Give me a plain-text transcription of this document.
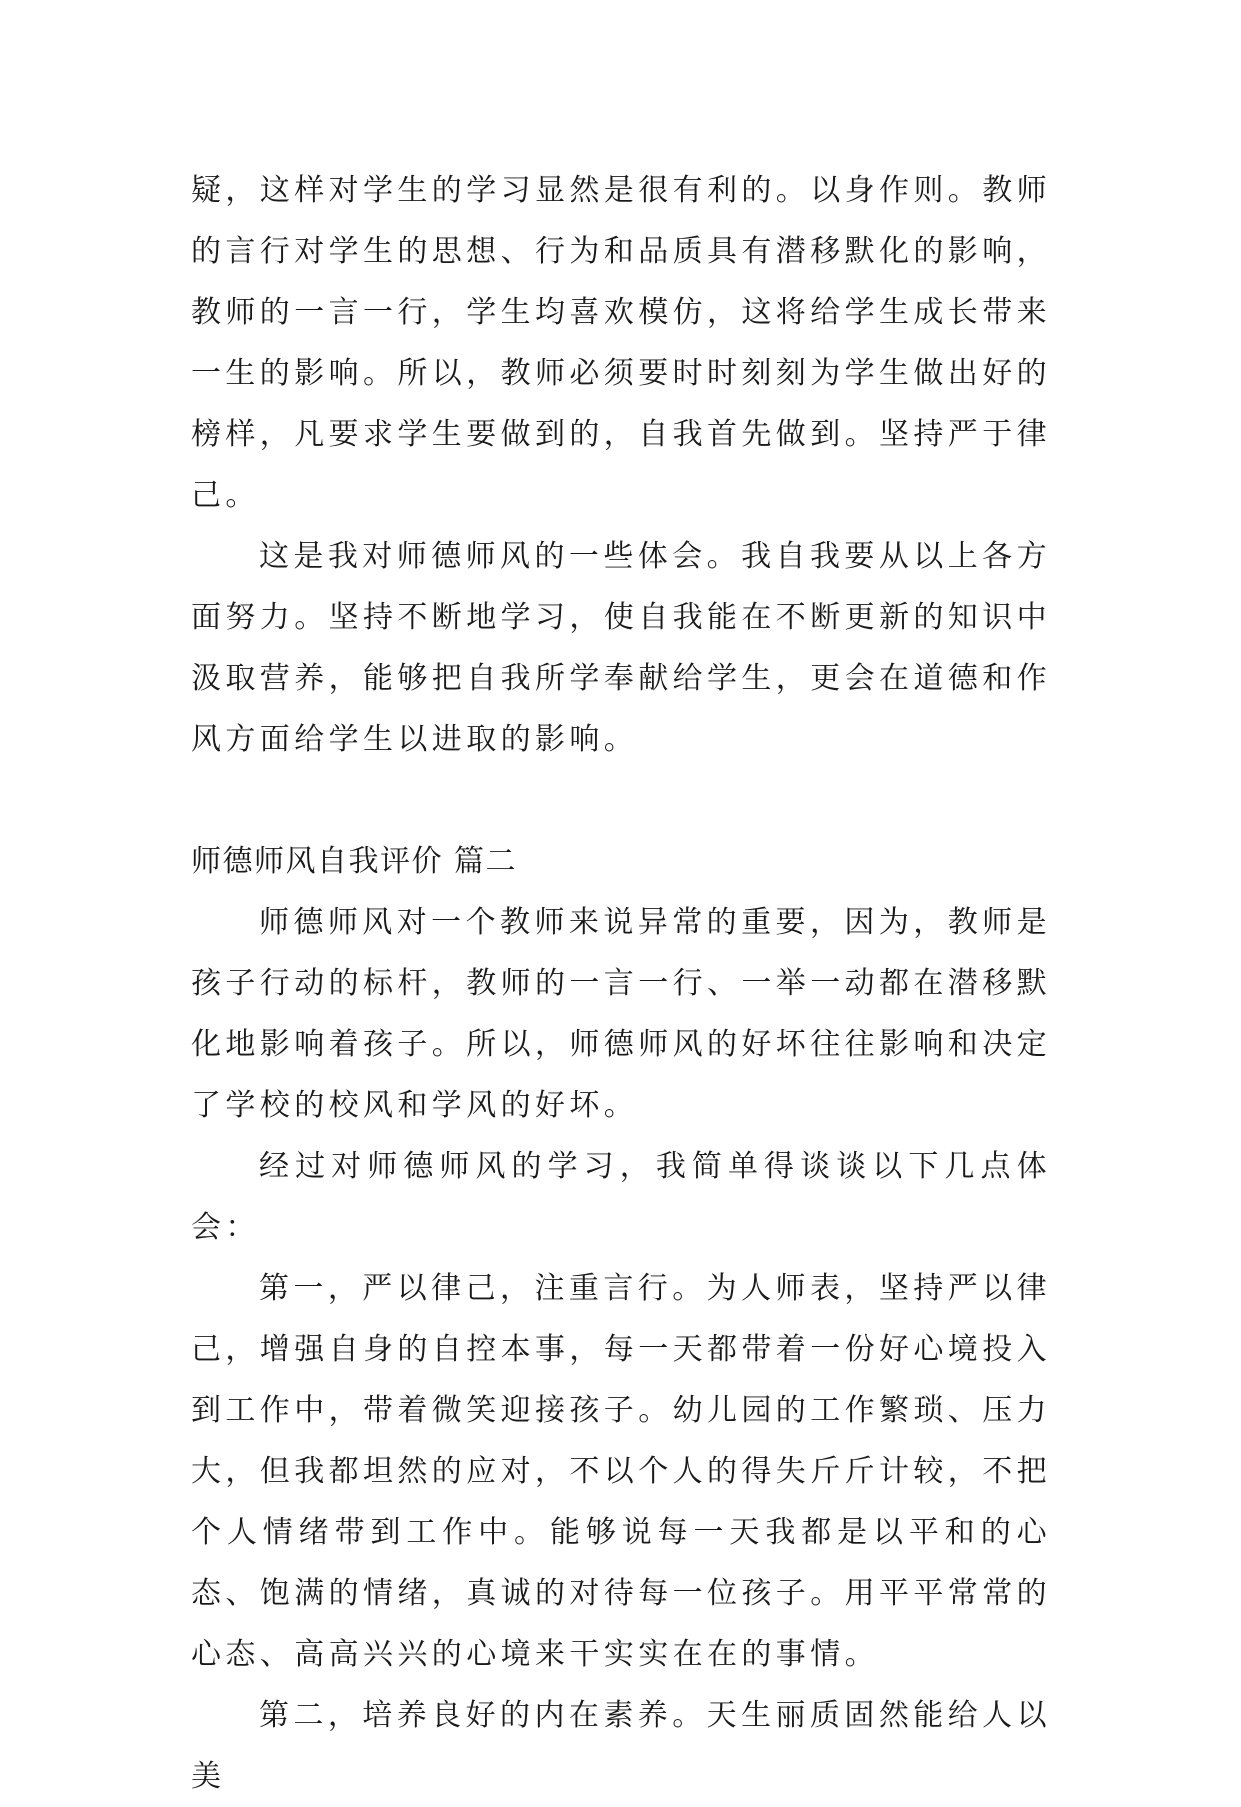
疑，这样对学生的学习显然是很有利的。以身作则。教师的言行对学生的思想、行为和品质具有潜移默化的影响，教师的一言一行，学生均喜欢模仿，这将给学生成长带来一生的影响。所以，教师必须要时时刻刻为学生做出好的榜样，凡要求学生要做到的，自我首先做到。坚持严于律己。

这是我对师德师风的一些体会。我自我要从以上各方面努力。坚持不断地学习，使自我能在不断更新的知识中汲取营养，能够把自我所学奉献给学生，更会在道德和作风方面给学生以进取的影响。

师德师风自我评价 篇二

师德师风对一个教师来说异常的重要，因为，教师是孩子行动的标杆，教师的一言一行、一举一动都在潜移默化地影响着孩子。所以，师德师风的好坏往往影响和决定了学校的校风和学风的好坏。

经过对师德师风的学习，我简单得谈谈以下几点体会：

第一，严以律己，注重言行。为人师表，坚持严以律己，增强自身的自控本事，每一天都带着一份好心境投入到工作中，带着微笑迎接孩子。幼儿园的工作繁琐、压力大，但我都坦然的应对，不以个人的得失斤斤计较，不把个人情绪带到工作中。能够说每一天我都是以平和的心态、饱满的情绪，真诚的对待每一位孩子。用平平常常的心态、高高兴兴的心境来干实实在在的事情。

第二，培养良好的内在素养。天生丽质固然能给人以美
